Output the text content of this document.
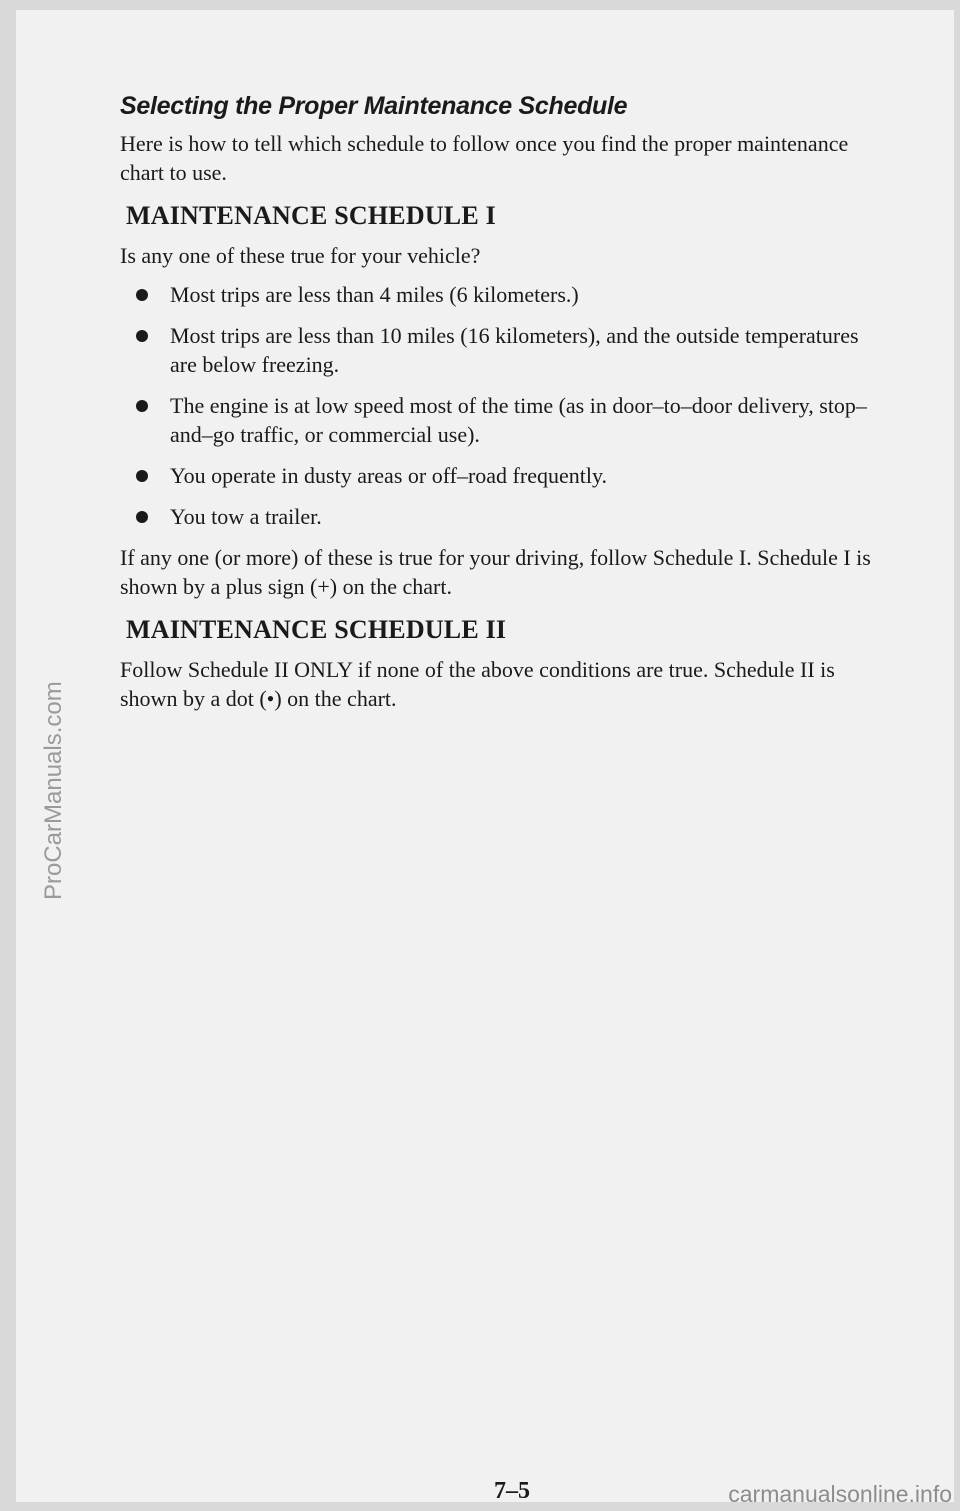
Selecting the Proper Maintenance Schedule

Here is how to tell which schedule to follow once you find the proper maintenance chart to use.

MAINTENANCE SCHEDULE I

Is any one of these true for your vehicle?

Most trips are less than 4 miles (6 kilometers.)
Most trips are less than 10 miles (16 kilometers), and the outside temperatures are below freezing.
The engine is at low speed most of the time (as in door–to–door delivery, stop–and–go traffic, or commercial use).
You operate in dusty areas or off–road frequently.
You tow a trailer.

If any one (or more) of these is true for your driving, follow Schedule I. Schedule I is shown by a plus sign (+) on the chart.

MAINTENANCE SCHEDULE II

Follow Schedule II ONLY if none of the above conditions are true. Schedule II is shown by a dot (•) on the chart.

ProCarManuals.com
7–5	carmanualsonline.info
